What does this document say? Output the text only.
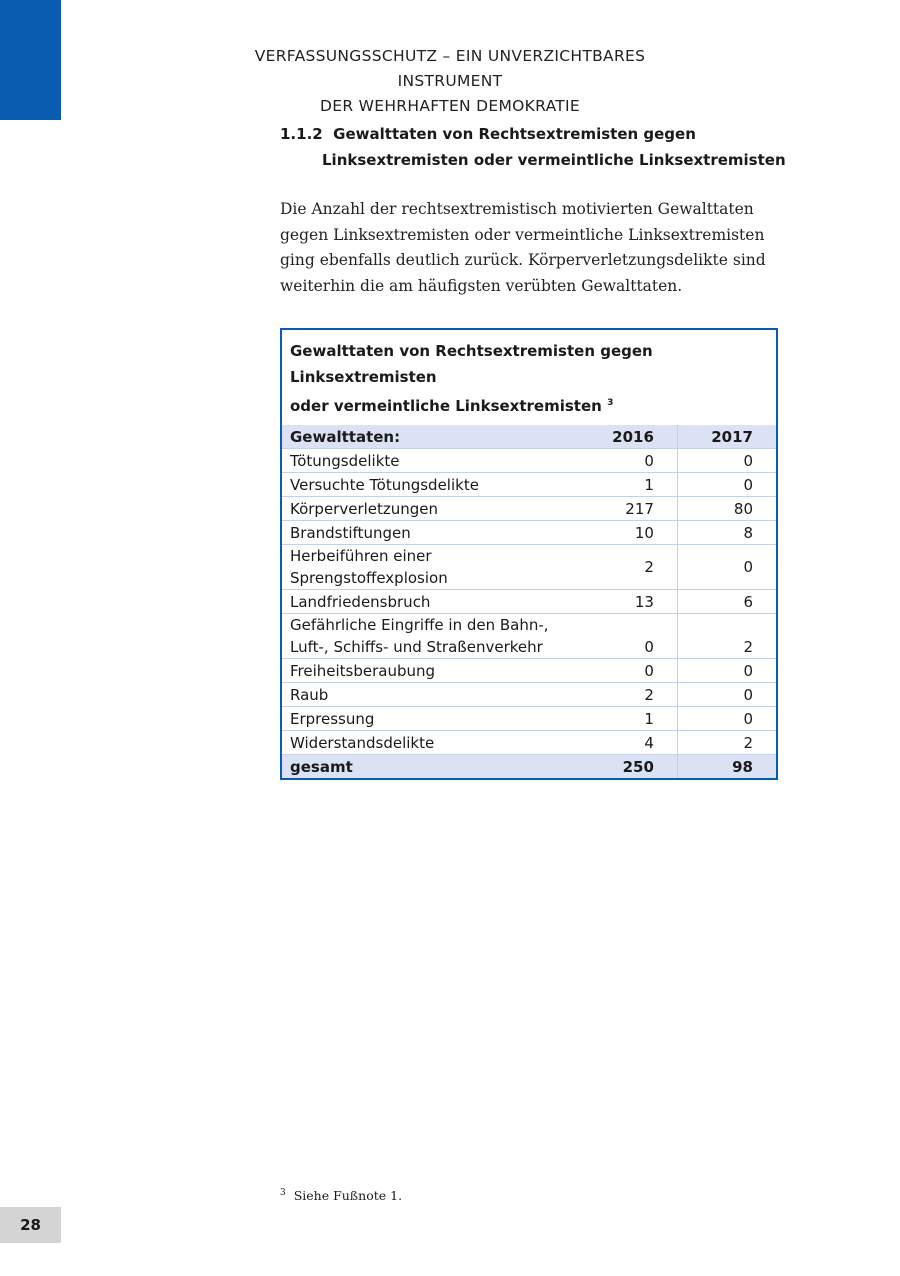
VERFASSUNGSSCHUTZ – EIN UNVERZICHTBARES INSTRUMENT
DER WEHRHAFTEN DEMOKRATIE
1.1.2 Gewalttaten von Rechtsextremisten gegen
Linksextremisten oder vermeintliche Linksextremisten
Die Anzahl der rechtsextremistisch motivierten Gewalttaten gegen Linksextremisten oder vermeintliche Linksextremisten ging ebenfalls deutlich zurück. Körperverletzungsdelikte sind weiterhin die am häufigsten verübten Gewalttaten.
Gewalttaten von Rechtsextremisten gegen Linksextremisten
oder vermeintliche Linksextremisten $^3$
Gewalttaten:	2016	2017
Tötungsdelikte	0	0
Versuchte Tötungsdelikte	1	0
Körperverletzungen	217	80
Brandstiftungen	10	8
Herbeiführen einer Sprengstoffexplosion	2	0
Landfriedensbruch	13	6
Gefährliche Eingriffe in den Bahn-, Luft-, Schiffs- und Straßenverkehr	0	2
Freiheitsberaubung	0	0
Raub	2	0
Erpressung	1	0
Widerstandsdelikte	4	2
gesamt	250	98
$^3$ Siehe Fußnote 1.
28
